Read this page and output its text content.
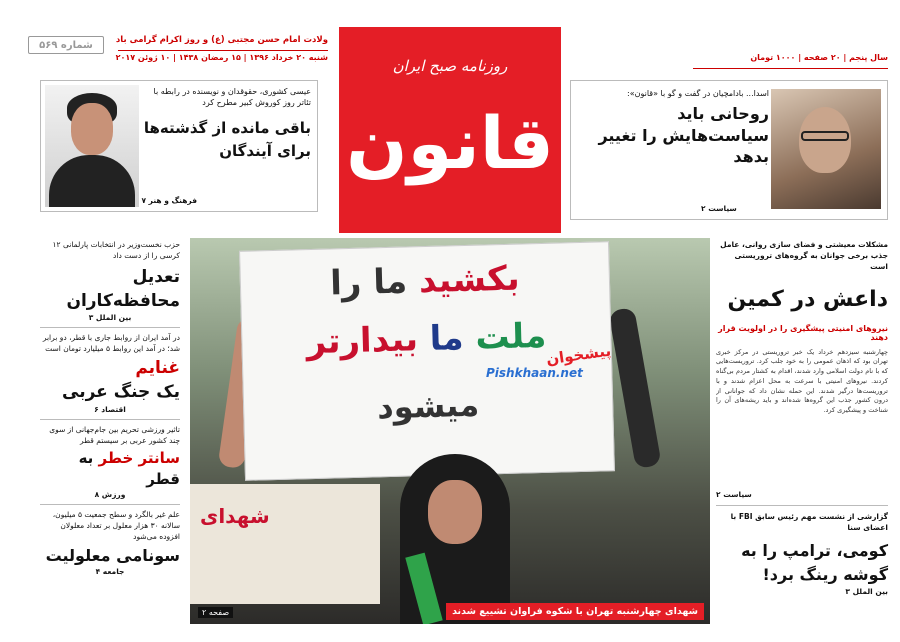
سال پنجم | ۲۰ صفحه | ۱۰۰۰ تومان
ولادت امام حسن مجتبی (ع) و روز اکرام گرامی باد
شنبه ۲۰ خرداد ۱۳۹۶ | ۱۵ رمضان ۱۴۳۸ | ۱۰ ژوئن ۲۰۱۷
شماره ۵۶۹
روزنامه صبح ایران
قانون
اسدا... بادامچیان در گفت و گو با «قانون»:
روحانی باید سیاست‌هایش را تغییر بدهد
سیاست ۲
عیسی کشوری، حقوقدان و نویسنده در رابطه با تئاتر روز کوروش کبیر مطرح کرد
باقی مانده از گذشته‌ها برای آیندگان
فرهنگ و هنر ۷
شهدای
بکشید ما را
ملت ما بیدارتر
میشود
پیشخوان
Pishkhaan.net
شهدای چهارشنبه تهران با شکوه فراوان تشییع شدند
صفحه ۲
مشکلات معیشتی و فضای سازی روانی، عامل جذب برخی جوانان به گروه‌های تروریستی است
داعش در کمین
نیروهای امنیتی پیشگیری را در اولویت قرار دهند
چهارشنبه سیزدهم خرداد یک خبر تروریستی در مرکز خبری تهران بود که اذهان عمومی را به خود جلب کرد. تروریست‌هایی که با نام دولت اسلامی وارد شدند، اقدام به کشتار مردم بی‌گناه کردند. نیروهای امنیتی با سرعت به محل اعزام شدند و با تروریست‌ها درگیر شدند. این حمله نشان داد که جوانانی از درون کشور جذب این گروه‌ها شده‌اند و باید ریشه‌های آن را شناخت و پیشگیری کرد.
سیاست ۲
گزارشی از نشست مهم رئیس سابق FBI با اعضای سنا
کومی، ترامپ را به گوشه رینگ برد!
بین الملل ۳
حزب نخست‌وزیر در انتخابات پارلمانی ۱۲ کرسی را از دست داد
تعدیل محافظه‌کاران
بین الملل ۳
در آمد ایران از روابط جاری با قطر، دو برابر شد؛ در آمد این روابط ۵ میلیارد تومان است
غنایم
یک جنگ عربی
اقتصاد ۶
تاثیر ورزشی تحریم بین جام‌جهانی از سوی چند کشور عربی بر سیستم قطر
سانتر خطر به قطر
ورزش ۸
علم غیر بالگرد و سطح جمعیت ۵ میلیون، سالانه ۳۰ هزار معلول بر تعداد معلولان افزوده می‌شود
سونامی معلولیت
جامعه ۴
